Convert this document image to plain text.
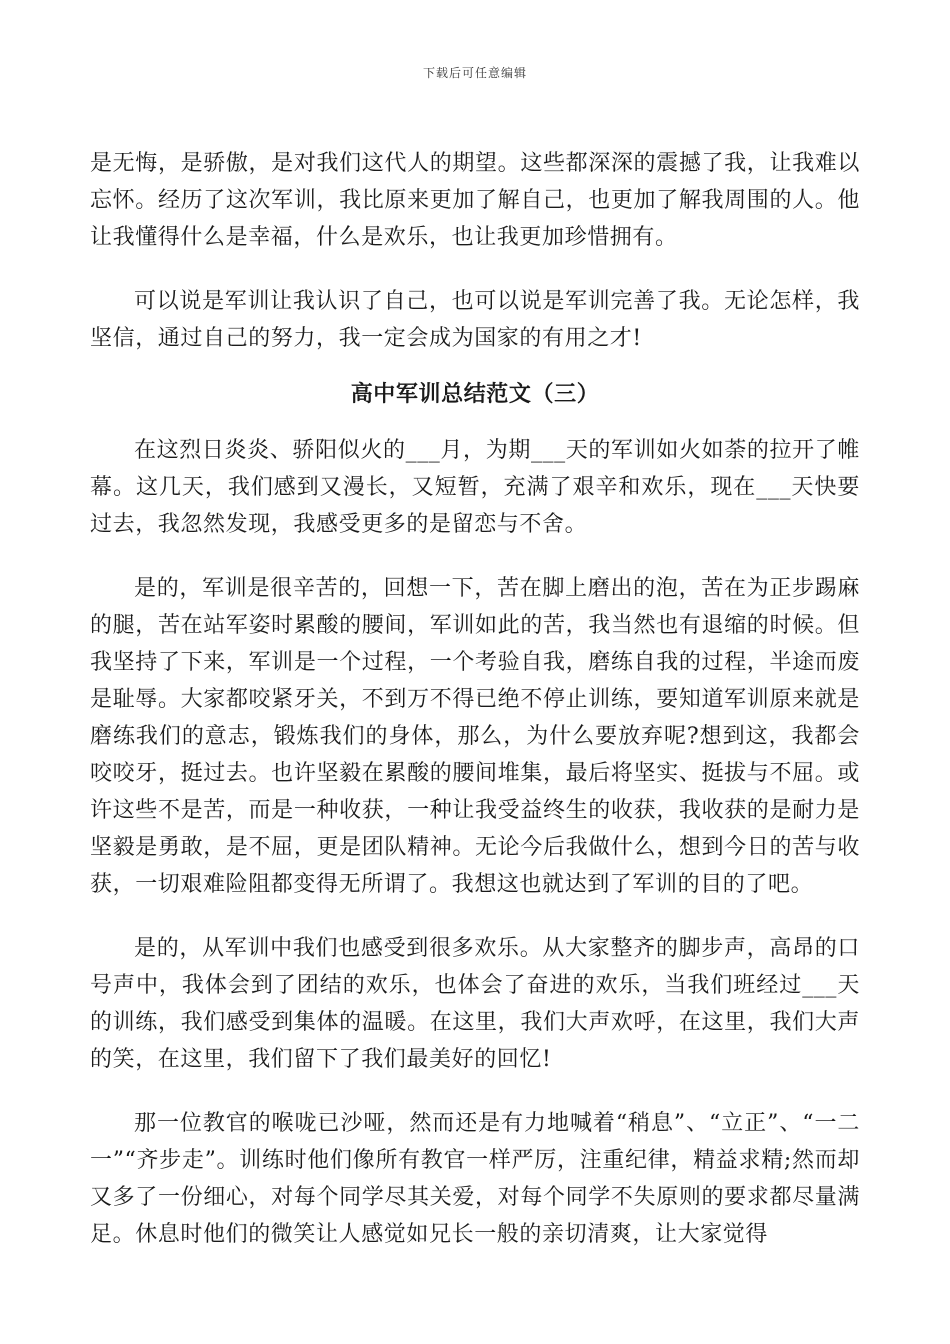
下载后可任意编辑

是无悔，是骄傲，是对我们这代人的期望。这些都深深的震撼了我，让我难以忘怀。经历了这次军训，我比原来更加了解自己，也更加了解我周围的人。他让我懂得什么是幸福，什么是欢乐，也让我更加珍惜拥有。

可以说是军训让我认识了自己，也可以说是军训完善了我。无论怎样，我坚信，通过自己的努力，我一定会成为国家的有用之才!

高中军训总结范文（三）

在这烈日炎炎、骄阳似火的___月，为期___天的军训如火如荼的拉开了帷幕。这几天，我们感到又漫长，又短暂，充满了艰辛和欢乐，现在___天快要过去，我忽然发现，我感受更多的是留恋与不舍。

是的，军训是很辛苦的，回想一下，苦在脚上磨出的泡，苦在为正步踢麻的腿，苦在站军姿时累酸的腰间，军训如此的苦，我当然也有退缩的时候。但我坚持了下来，军训是一个过程，一个考验自我，磨练自我的过程，半途而废是耻辱。大家都咬紧牙关，不到万不得已绝不停止训练，要知道军训原来就是磨练我们的意志，锻炼我们的身体，那么，为什么要放弃呢?想到这，我都会咬咬牙，挺过去。也许坚毅在累酸的腰间堆集，最后将坚实、挺拔与不屈。或许这些不是苦，而是一种收获，一种让我受益终生的收获，我收获的是耐力是坚毅是勇敢，是不屈，更是团队精神。无论今后我做什么，想到今日的苦与收获，一切艰难险阻都变得无所谓了。我想这也就达到了军训的目的了吧。

是的，从军训中我们也感受到很多欢乐。从大家整齐的脚步声，高昂的口号声中，我体会到了团结的欢乐，也体会了奋进的欢乐，当我们班经过___天的训练，我们感受到集体的温暖。在这里，我们大声欢呼，在这里，我们大声的笑，在这里，我们留下了我们最美好的回忆!

那一位教官的喉咙已沙哑，然而还是有力地喊着“稍息”、“立正”、“一二一”“齐步走”。训练时他们像所有教官一样严厉，注重纪律，精益求精;然而却又多了一份细心，对每个同学尽其关爱，对每个同学不失原则的要求都尽量满足。休息时他们的微笑让人感觉如兄长一般的亲切清爽，让大家觉得
